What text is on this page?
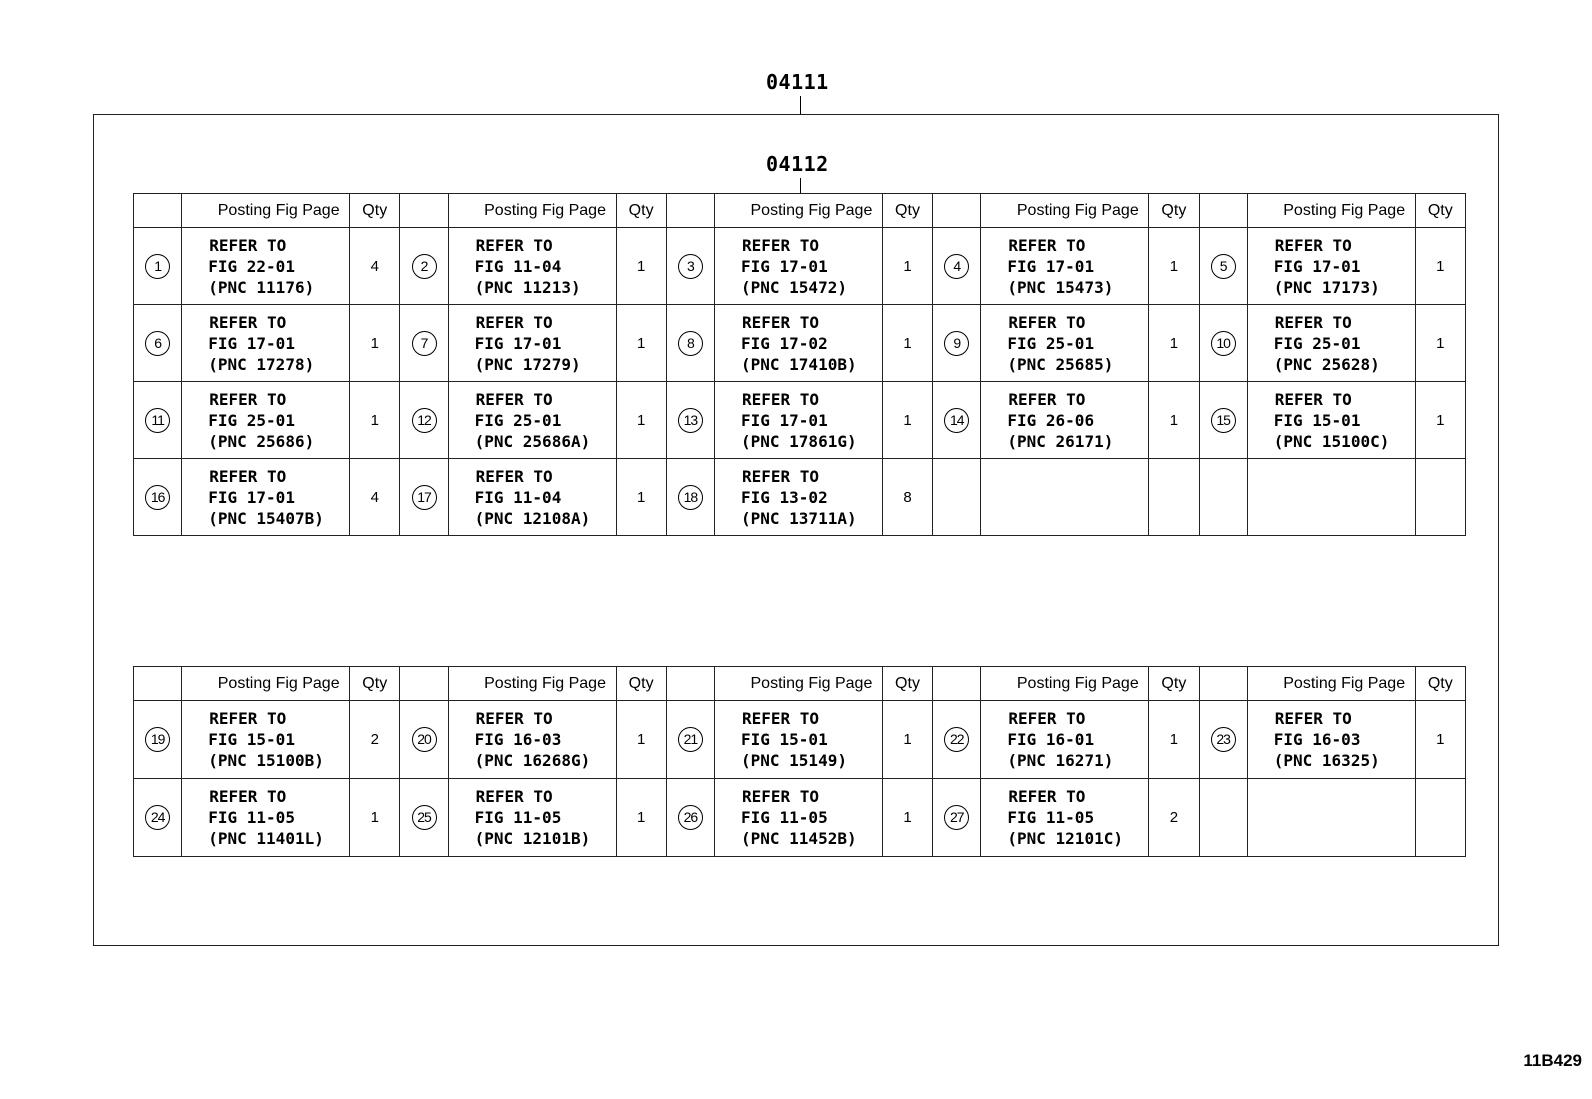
04111
04112
	Posting Fig Page	Qty		Posting Fig Page	Qty		Posting Fig Page	Qty		Posting Fig Page	Qty		Posting Fig Page	Qty
1	REFER TO
FIG 22-01
(PNC 11176)	4	2	REFER TO
FIG 11-04
(PNC 11213)	1	3	REFER TO
FIG 17-01
(PNC 15472)	1	4	REFER TO
FIG 17-01
(PNC 15473)	1	5	REFER TO
FIG 17-01
(PNC 17173)	1
6	REFER TO
FIG 17-01
(PNC 17278)	1	7	REFER TO
FIG 17-01
(PNC 17279)	1	8	REFER TO
FIG 17-02
(PNC 17410B)	1	9	REFER TO
FIG 25-01
(PNC 25685)	1	10	REFER TO
FIG 25-01
(PNC 25628)	1
11	REFER TO
FIG 25-01
(PNC 25686)	1	12	REFER TO
FIG 25-01
(PNC 25686A)	1	13	REFER TO
FIG 17-01
(PNC 17861G)	1	14	REFER TO
FIG 26-06
(PNC 26171)	1	15	REFER TO
FIG 15-01
(PNC 15100C)	1
16	REFER TO
FIG 17-01
(PNC 15407B)	4	17	REFER TO
FIG 11-04
(PNC 12108A)	1	18	REFER TO
FIG 13-02
(PNC 13711A)	8						
	Posting Fig Page	Qty		Posting Fig Page	Qty		Posting Fig Page	Qty		Posting Fig Page	Qty		Posting Fig Page	Qty
19	REFER TO
FIG 15-01
(PNC 15100B)	2	20	REFER TO
FIG 16-03
(PNC 16268G)	1	21	REFER TO
FIG 15-01
(PNC 15149)	1	22	REFER TO
FIG 16-01
(PNC 16271)	1	23	REFER TO
FIG 16-03
(PNC 16325)	1
24	REFER TO
FIG 11-05
(PNC 11401L)	1	25	REFER TO
FIG 11-05
(PNC 12101B)	1	26	REFER TO
FIG 11-05
(PNC 11452B)	1	27	REFER TO
FIG 11-05
(PNC 12101C)	2			
11B429
